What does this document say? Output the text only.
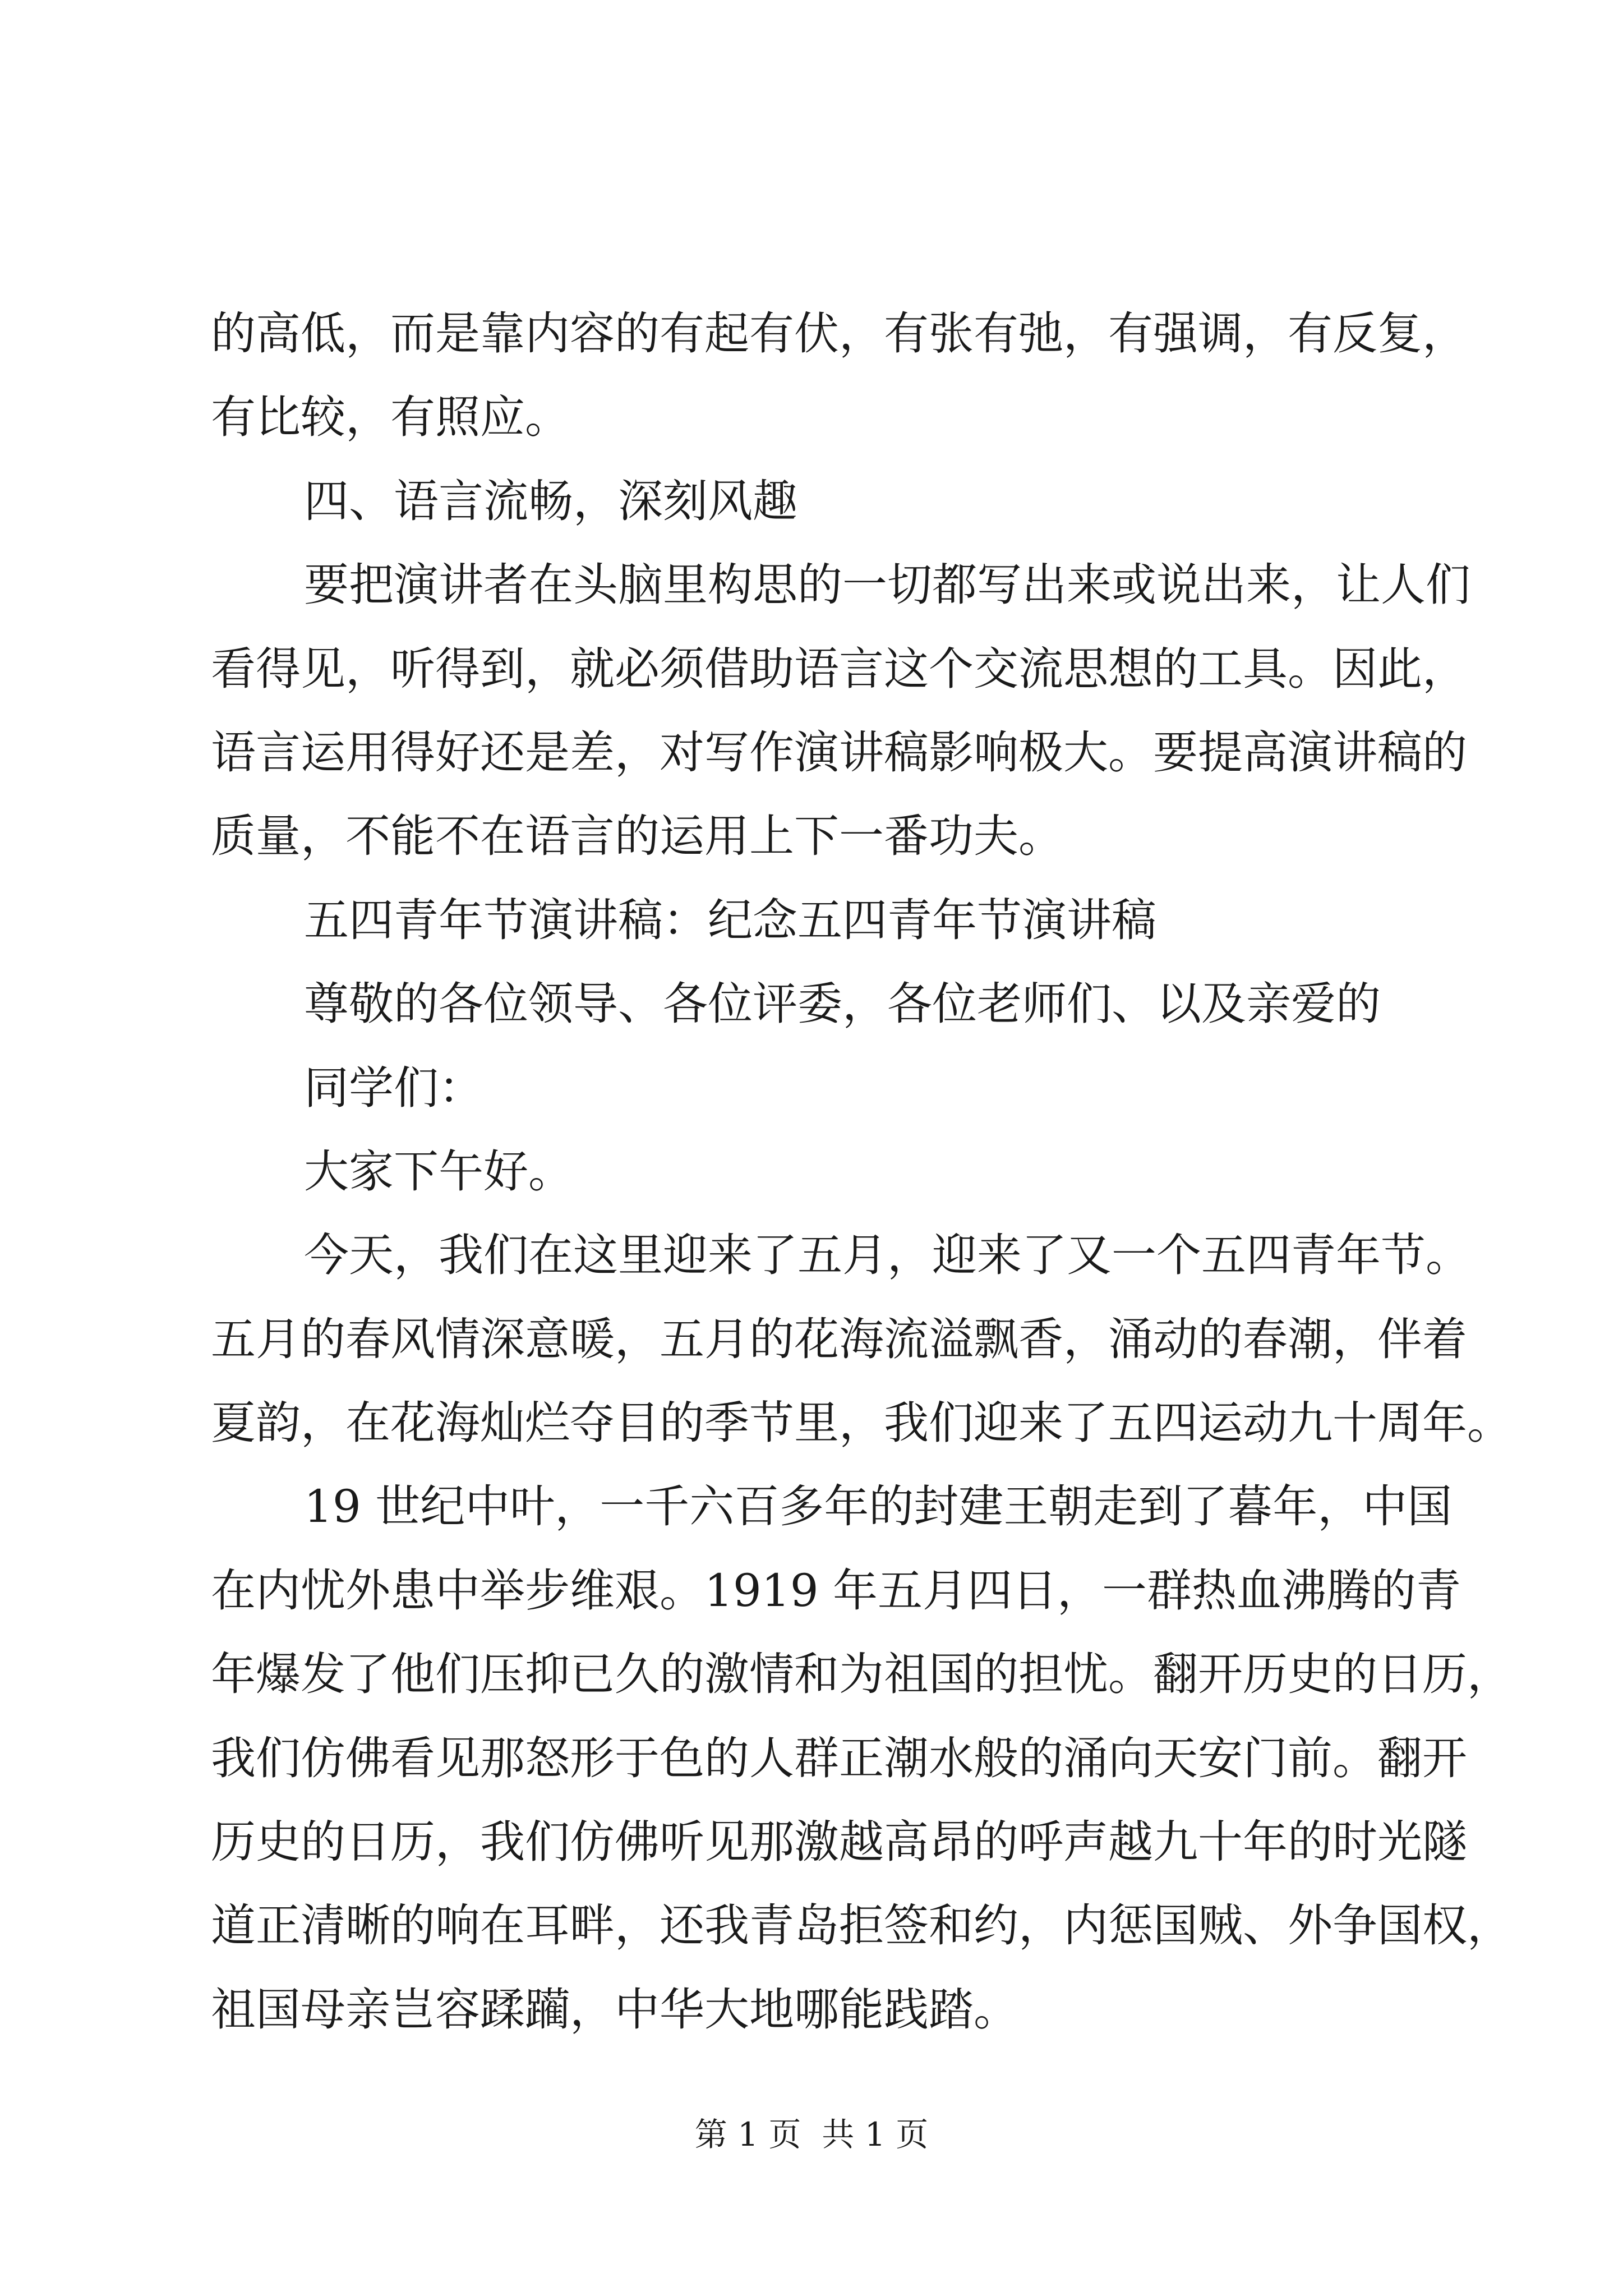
的高低，而是靠内容的有起有伏，有张有弛，有强调，有反复，
有比较，有照应。
四、语言流畅，深刻风趣
要把演讲者在头脑里构思的一切都写出来或说出来，让人们
看得见，听得到，就必须借助语言这个交流思想的工具。因此，
语言运用得好还是差，对写作演讲稿影响极大。要提高演讲稿的
质量，不能不在语言的运用上下一番功夫。
五四青年节演讲稿：纪念五四青年节演讲稿
尊敬的各位领导、各位评委，各位老师们、以及亲爱的
同学们：
大家下午好。
今天，我们在这里迎来了五月，迎来了又一个五四青年节。
五月的春风情深意暖，五月的花海流溢飘香，涌动的春潮，伴着
夏韵，在花海灿烂夺目的季节里，我们迎来了五四运动九十周年。
19 世纪中叶，一千六百多年的封建王朝走到了暮年，中国
在内忧外患中举步维艰。1919 年五月四日，一群热血沸腾的青
年爆发了他们压抑已久的激情和为祖国的担忧。翻开历史的日历，
我们仿佛看见那怒形于色的人群正潮水般的涌向天安门前。翻开
历史的日历，我们仿佛听见那激越高昂的呼声越九十年的时光隧
道正清晰的响在耳畔，还我青岛拒签和约，内惩国贼、外争国权，
祖国母亲岂容蹂躏，中华大地哪能践踏。
第 1 页  共 1 页
